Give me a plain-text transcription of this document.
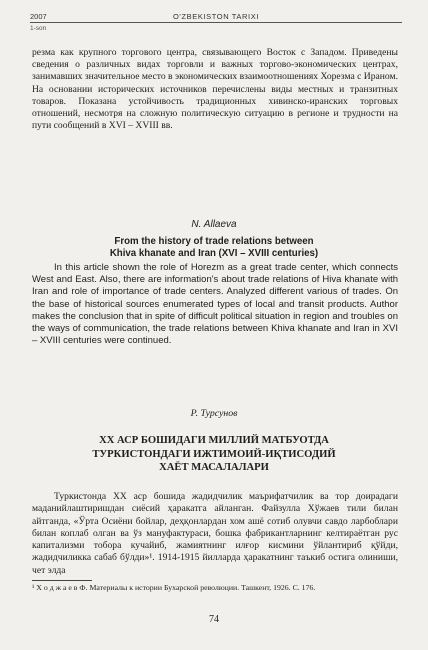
2007	O'ZBEKISTON TARIXI
1-son

резма как крупного торгового центра, связывающего Восток с Западом. Приведены сведения о различных видах торговли и важных торгово-экономических центрах, занимавших значительное место в экономических взаимоотношениях Хорезма с Ираном. На основании исторических источников перечислены виды местных и транзитных товаров. Показана устойчивость традиционных хивинско-иранских торговых отношений, несмотря на сложную политическую ситуацию в регионе и трудности на пути сообщений в XVI – XVIII вв.

N. Allaeva

From the history of trade relations between
Khiva khanate and Iran (XVI – XVIII centuries)

In this article shown the role of Horezm as a great trade center, which connects West and East. Also, there are information's about trade relations of Hiva khanate with Iran and role of importance of trade centers. Analyzed different various of trades. On the base of historical sources enumerated types of local and transit products. Author makes the conclusion that in spite of difficult political situation in region and troubles on the ways of communication, the trade relations between Khiva khanate and Iran in XVI – XVIII centuries were continued.

Р. Турсунов

ХХ АСР БОШИДАГИ МИЛЛИЙ МАТБУОТДА
ТУРКИСТОНДАГИ ИЖТИМОИЙ-ИҚТИСОДИЙ
ХАЁТ МАСАЛАЛАРИ

Туркистонда ХХ аср бошида жадидчилик маърифатчилик ва тор доирадаги маданийлаштиришдан сиёсий ҳаракатга айланган. Файзулла Хўжаев тили билан айтганда, «Ўрта Осиёни бойлар, деҳқонлардан хом ашё сотиб олувчи савдо ларбоблари билан коплаб олган ва ўз мануфактураси, бошка фабрикантларнинг келтираётган рус капитализми тобора кучайиб, жамиятнинг илғор кисмини ўйлантириб қўйди, жадидчиликка сабаб бўлди»¹. 1914-1915 йилларда ҳаракатнинг таъкиб остига олиниши, чет элда

¹ Х о д ж а е в Ф. Материалы к истории Бухарской революции. Ташкент, 1926. С. 176.

74
